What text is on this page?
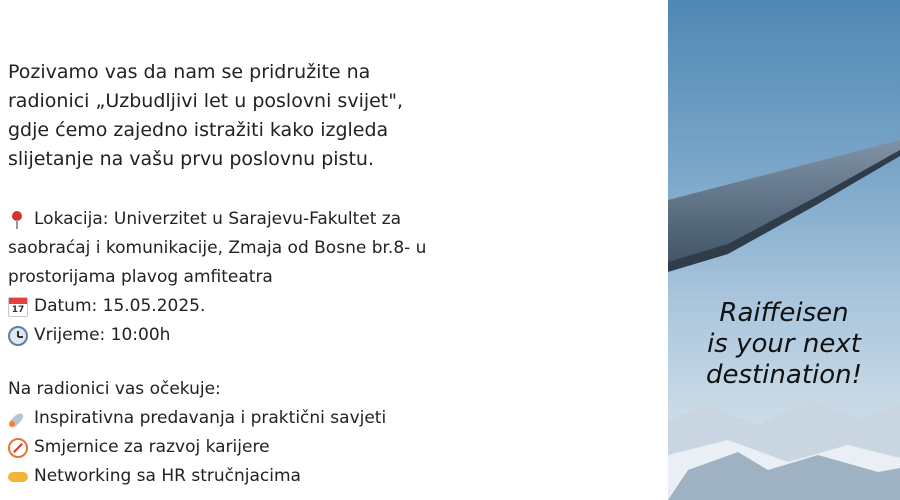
Pozivamo vas da nam se pridružite na
radionici „Uzbudljivi let u poslovni svijet",
gdje ćemo zajedno istražiti kako izgleda
slijetanje na vašu prvu poslovnu pistu.
Lokacija: Univerzitet u Sarajevu-Fakultet za
saobraćaj i komunikacije, Zmaja od Bosne br.8- u
prostorijama plavog amfiteatra
17 Datum: 15.05.2025.
Vrijeme: 10:00h
Na radionici vas očekuje:
Inspirativna predavanja i praktični savjeti
Smjernice za razvoj karijere
Networking sa HR stručnjacima
Raiffeisen
is your next
destination!
